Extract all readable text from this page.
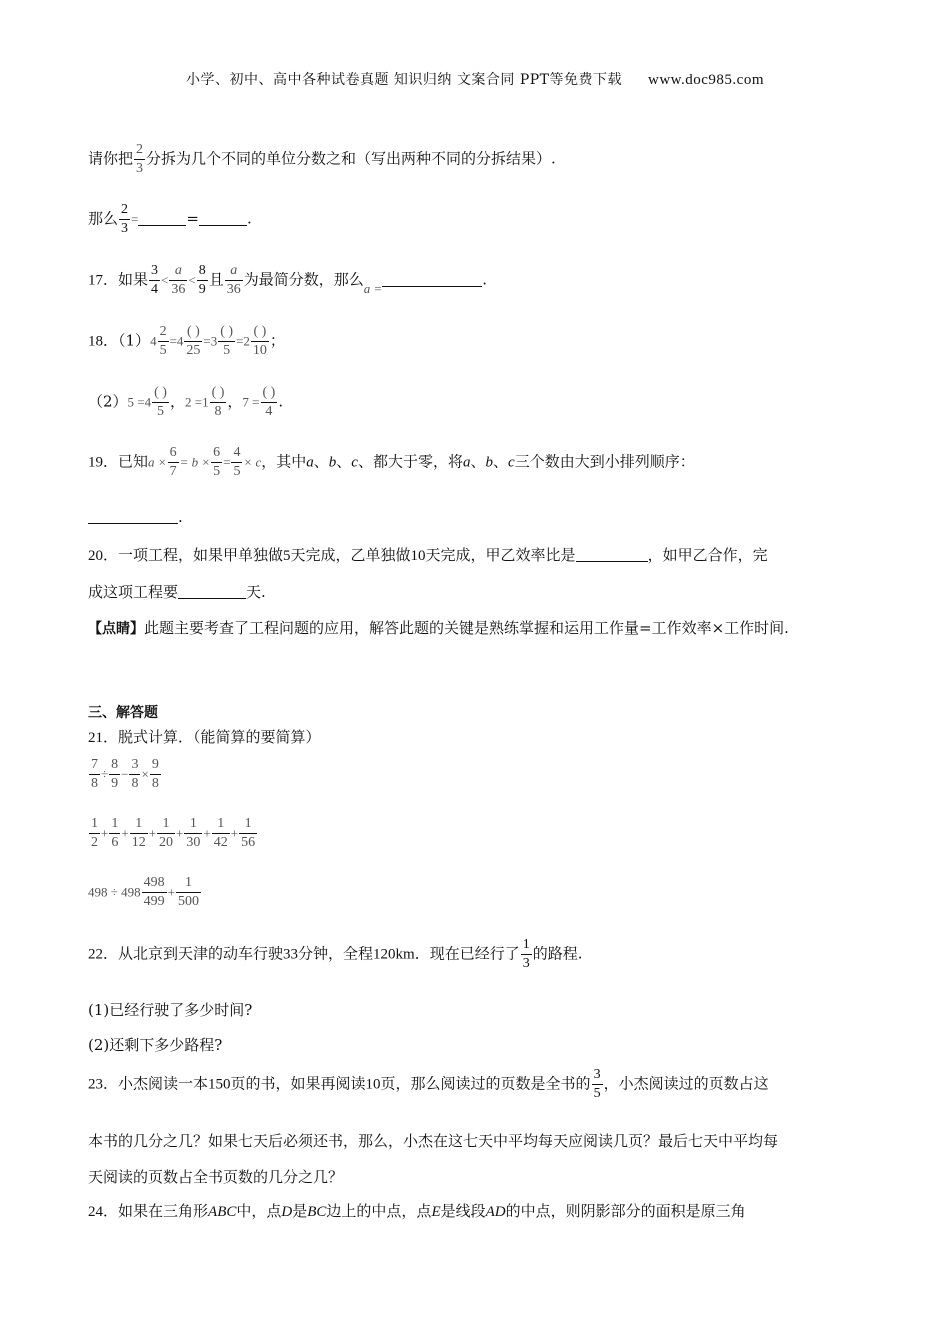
小学、初中、高中各种试卷真题 知识归纳 文案合同 PPT等免费下载 www.doc985.com
请你把 $\frac{2}{3}$ 分拆为几个不同的单位分数之和（写出两种不同的分拆结果）.
那么 $\frac{2}{3}$ =	=	.
17．如果 $\frac{3}{4} < \frac{a}{36} < \frac{8}{9}$ 且 $\frac{a}{36}$ 为最简分数，那么a =	.
18．$(1)4 \frac{2}{5} =4$
( )
25
=3
( )
5
=2
( )
10
；
（2）5 =4
( )
5
，2 =1
( )
8
，7 =
( )
4
.
19．已知$a \times \frac{6}{7} = b \times \frac{6}{5} = \frac{4}{5} \times c$，其中a、b、c、都大于零，将a、b、c三个数由大到小排列顺序：
.
20．一项工程，如果甲单独做5天完成，乙单独做10天完成，甲乙效率比是	，如甲乙合作，完
成这项工程要	天.
【点睛】此题主要考查了工程问题的应用，解答此题的关键是熟练掌握和运用工作量=工作效率×工作时间.
三、解答题
21．脱式计算．（能简算的要简算）
$\frac{7}{8} \div \frac{8}{9} - \frac{3}{8} \times \frac{9}{8}$
$\frac{1}{2} + \frac{1}{6} + \frac{1}{12} + \frac{1}{20} + \frac{1}{30} + \frac{1}{42} + \frac{1}{56}$
$498 \div 498 \frac{498}{499} + \frac{1}{500}$
22．从北京到天津的动车行驶33分钟，全程120km．现在已经行了 $\frac{1}{3}$ 的路程.
(1)已经行驶了多少时间?
(2)还剩下多少路程?
23．小杰阅读一本150页的书，如果再阅读10页，那么阅读过的页数是全书的 $\frac{3}{5}$ ，小杰阅读过的页数占这
本书的几分之几？如果七天后必须还书，那么，小杰在这七天中平均每天应阅读几页？最后七天中平均每
天阅读的页数占全书页数的几分之几？
24．如果在三角形ABC中，点D是BC边上的中点，点E是线段AD的中点，则阴影部分的面积是原三角
